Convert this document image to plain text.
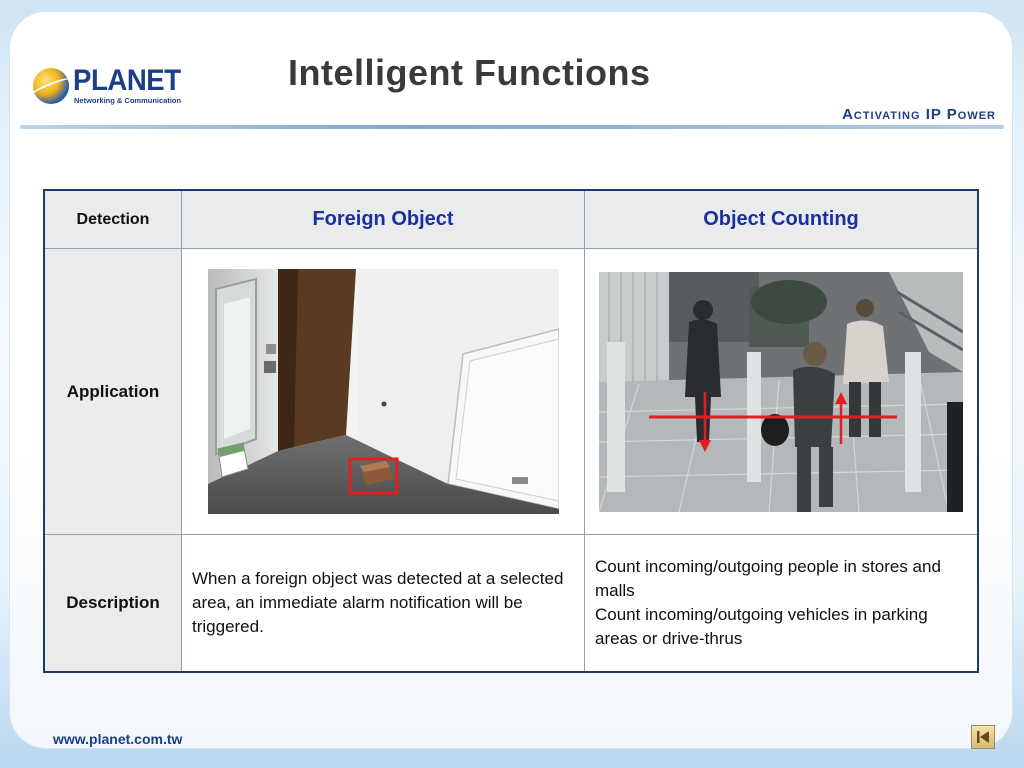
PLANET
Networking & Communication
Intelligent Functions
Activating IP Power
Detection	Foreign Object	Object Counting
Application
Description
When a foreign object was detected at a selected area, an immediate alarm notification will be triggered.
Count incoming/outgoing people in stores and malls
Count incoming/outgoing vehicles in parking areas or drive-thrus
www.planet.com.tw
